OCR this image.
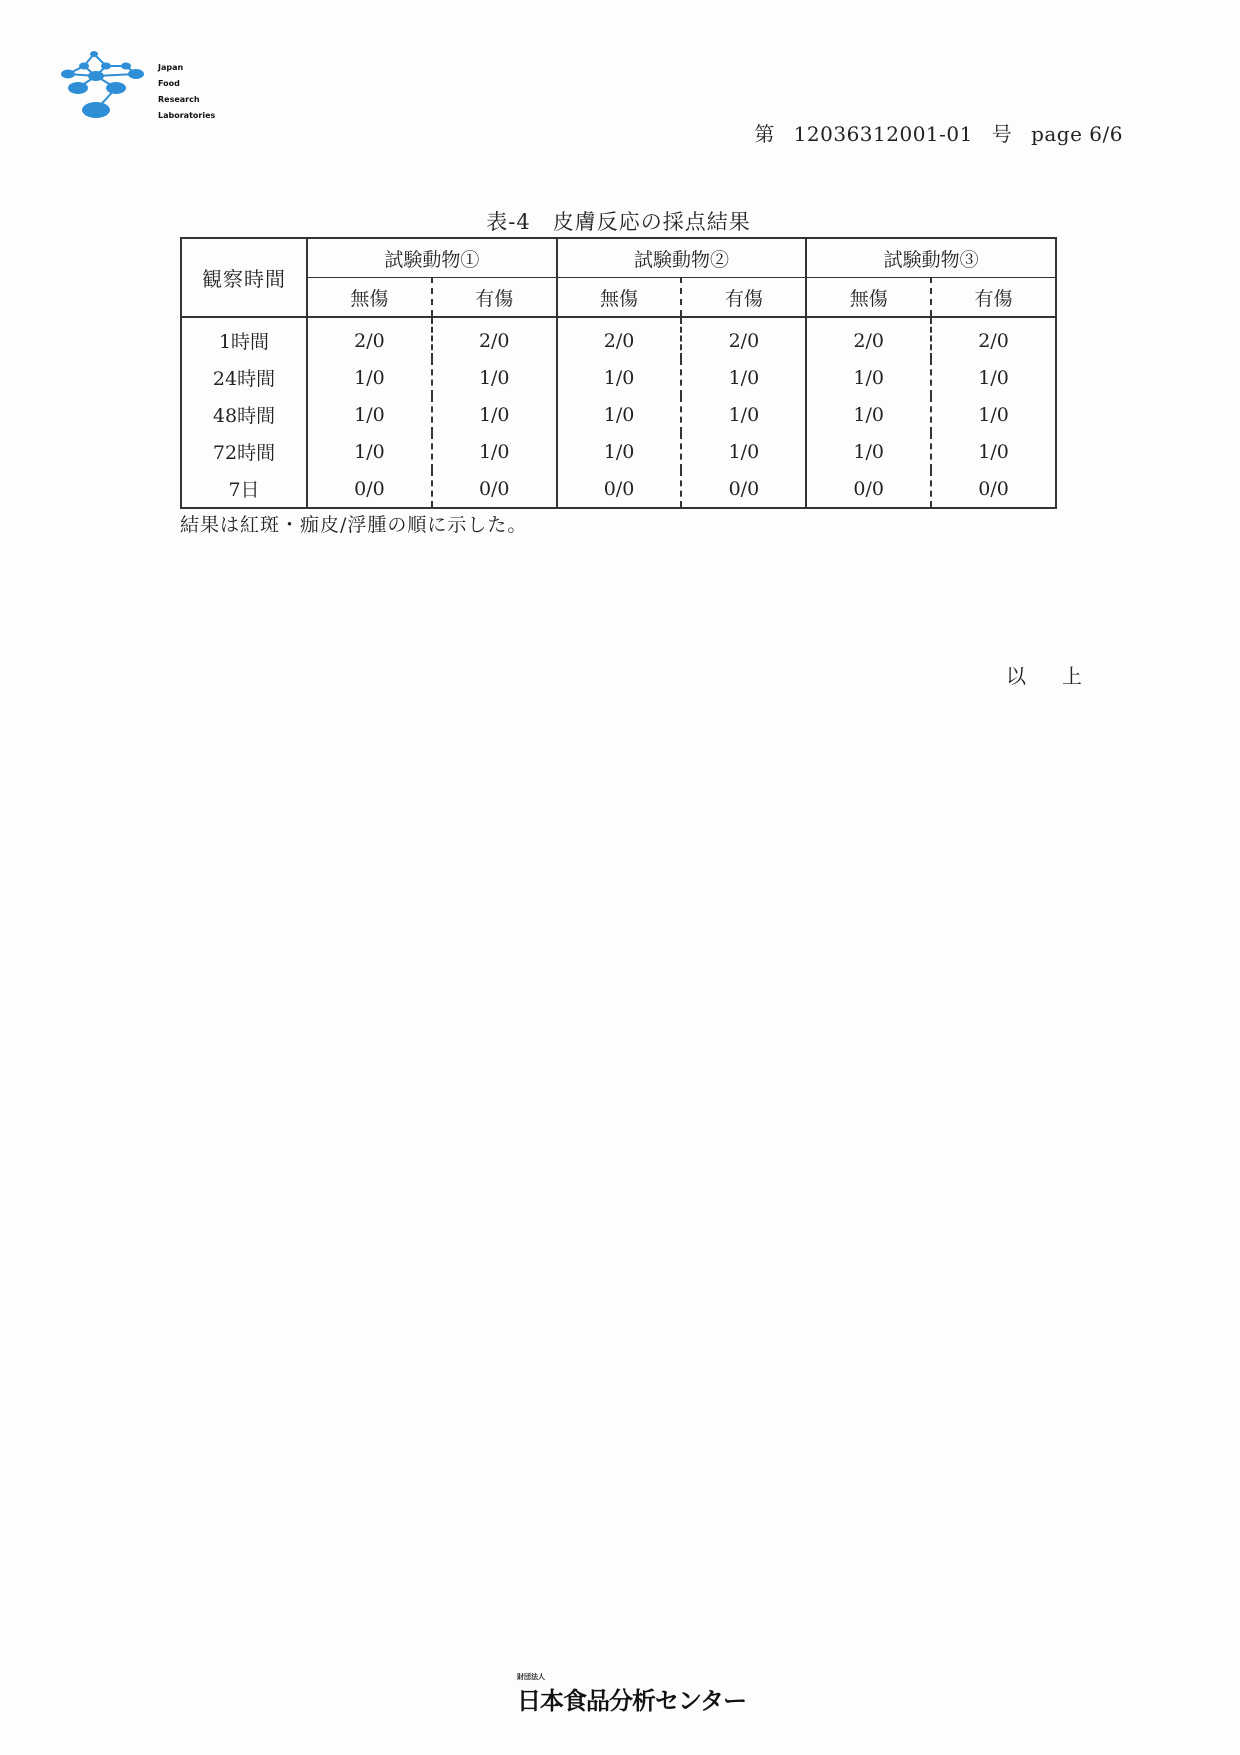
Japan
Food
Research
Laboratories
第 12036312001-01 号 page 6/6
表-4 皮膚反応の採点結果
観察時間	試験動物①		試験動物②		試験動物③	
	無傷	有傷	無傷	有傷	無傷	有傷
1時間	2/0	2/0	2/0	2/0	2/0	2/0
24時間	1/0	1/0	1/0	1/0	1/0	1/0
48時間	1/0	1/0	1/0	1/0	1/0	1/0
72時間	1/0	1/0	1/0	1/0	1/0	1/0
7日	0/0	0/0	0/0	0/0	0/0	0/0
結果は紅斑・痂皮/浮腫の順に示した。
以上
財団法人
日本食品分析センター
